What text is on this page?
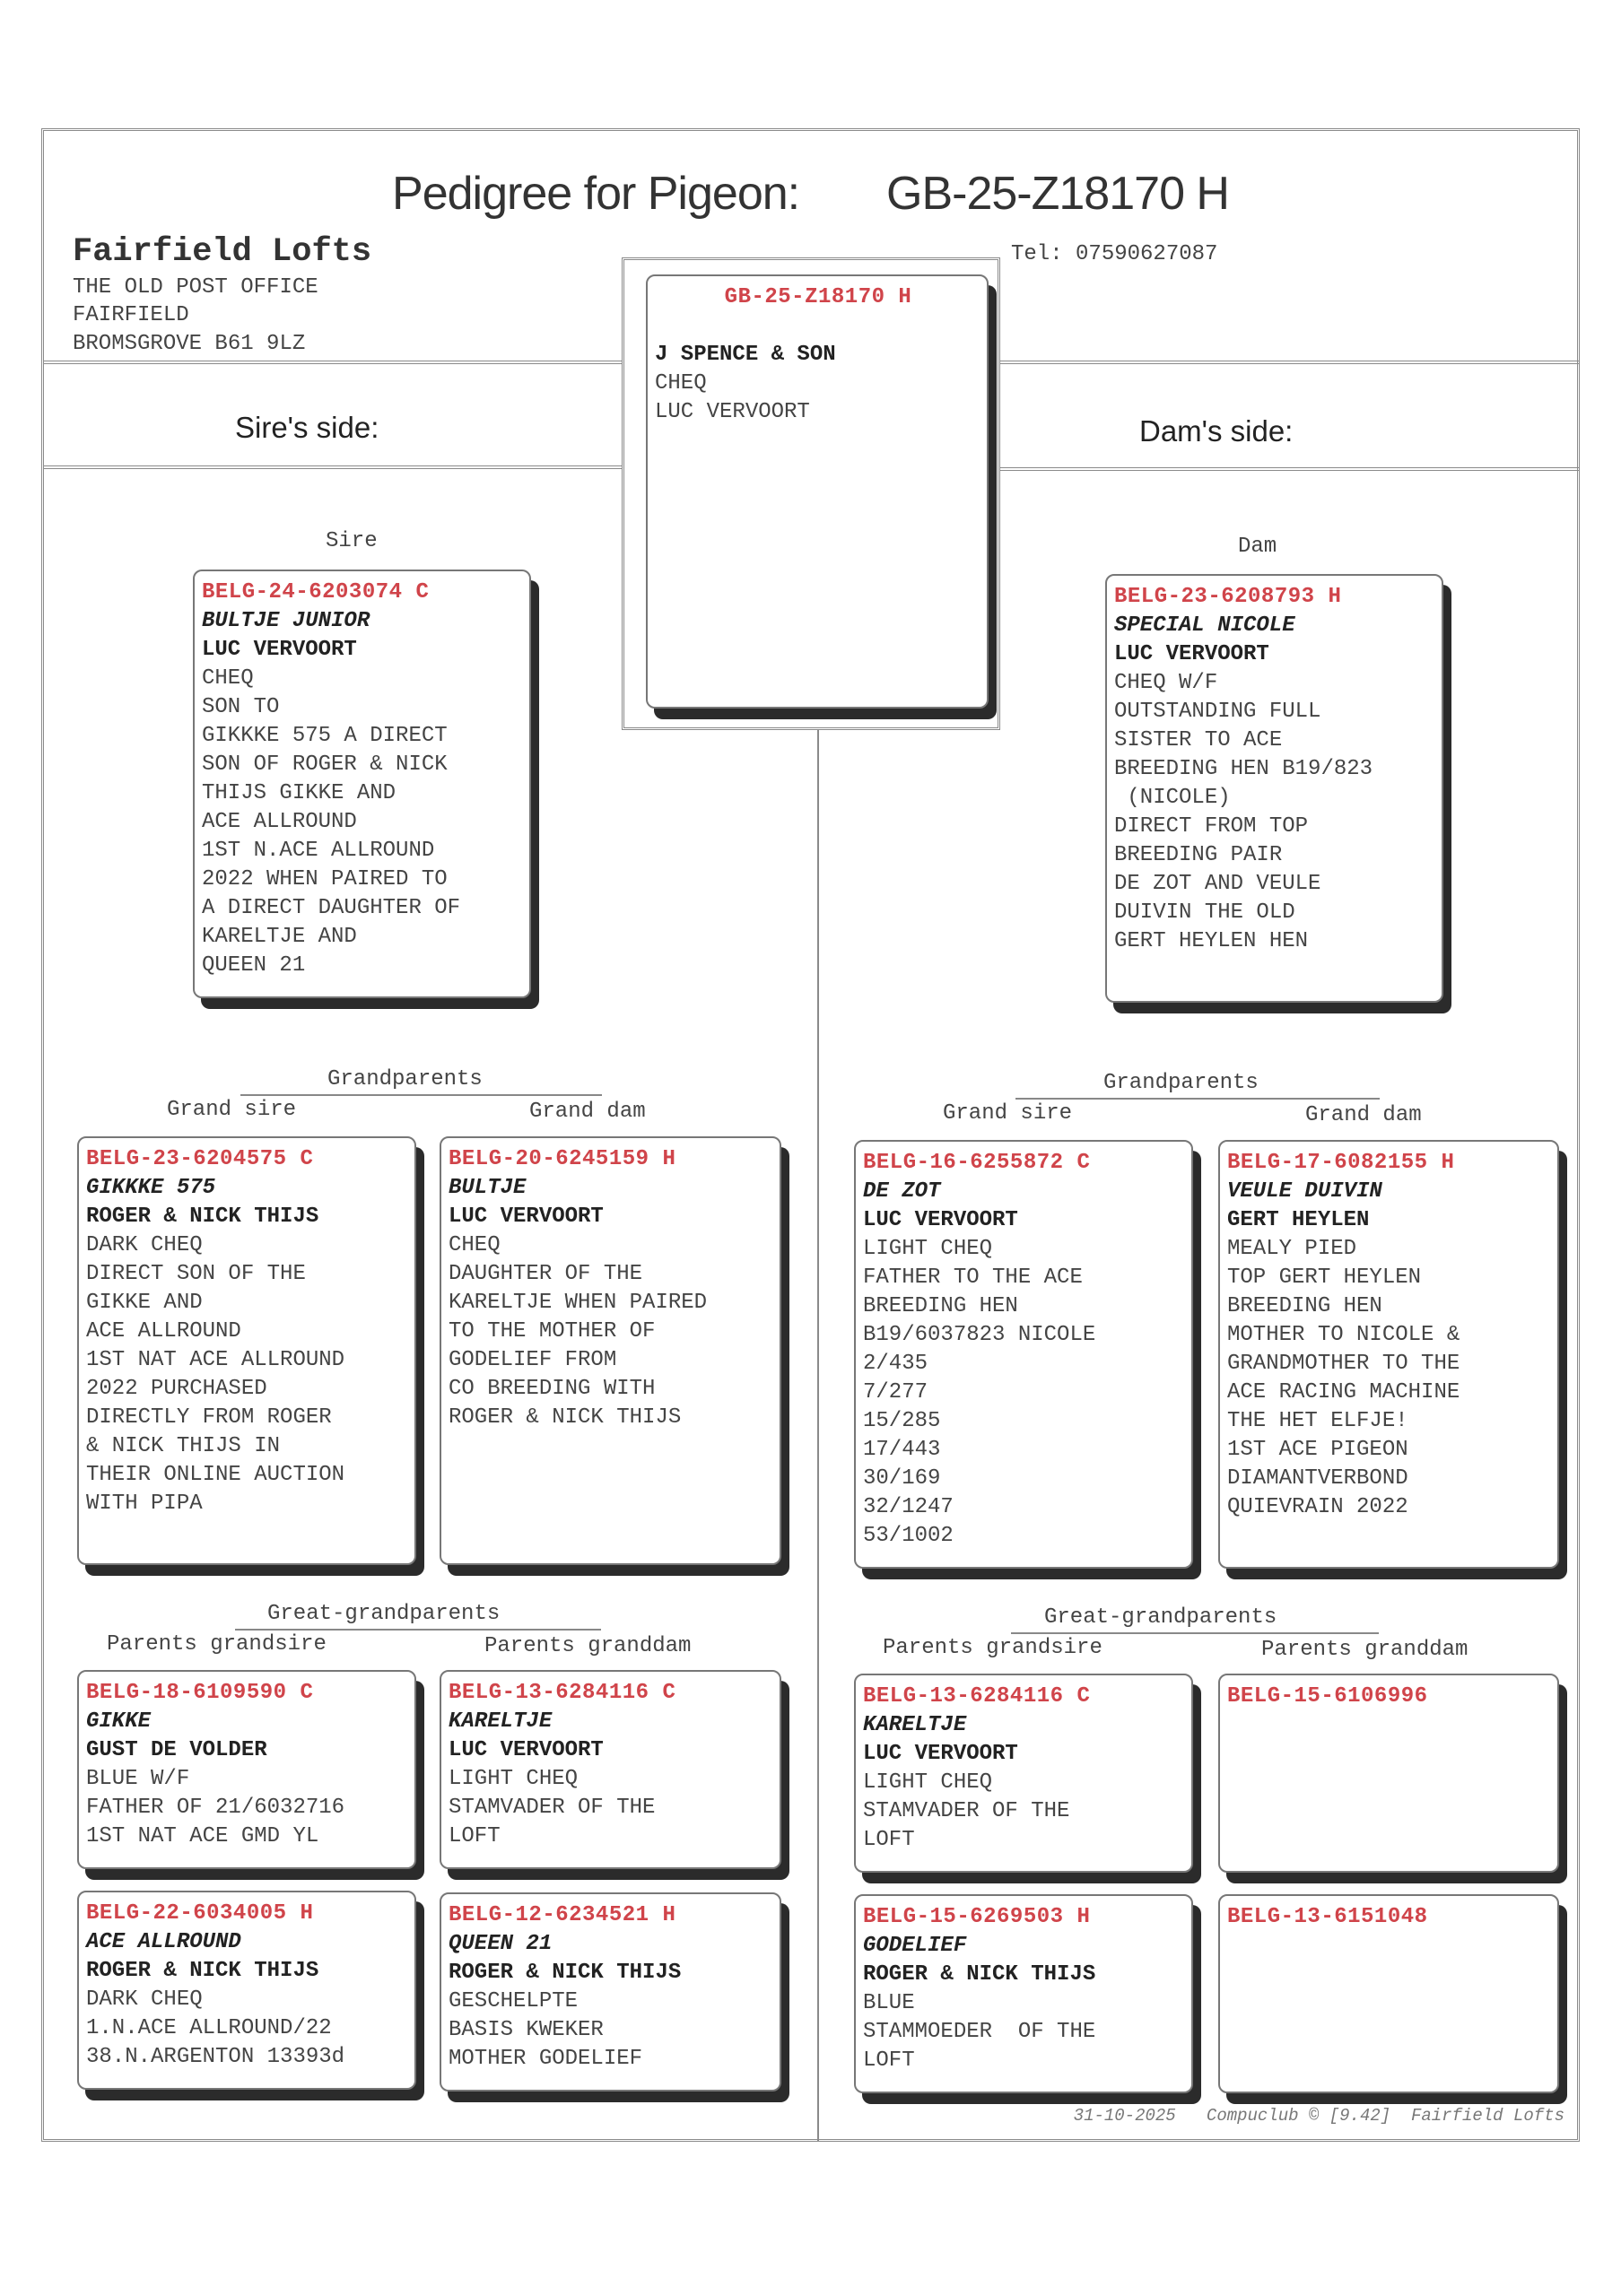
Pedigree for Pigeon: GB-25-Z18170 H
Fairfield Lofts
THE OLD POST OFFICE
FAIRFIELD
BROMSGROVE B61 9LZ
Tel: 07590627087
Sire's side:	Dam's side:
Sire	Dam
Grandparents
Grand sire	Grand dam
Grandparents
Grand sire	Grand dam
Great-grandparents
Parents grandsire	Parents granddam
Great-grandparents
Parents grandsire	Parents granddam
GB-25-Z18170 H
J SPENCE & SON
CHEQ
LUC VERVOORT
BELG-24-6203074 C
BULTJE JUNIOR
LUC VERVOORT
CHEQ
SON TO
GIKKKE 575 A DIRECT
SON OF ROGER & NICK
THIJS GIKKE AND
ACE ALLROUND
1ST N.ACE ALLROUND
2022 WHEN PAIRED TO
A DIRECT DAUGHTER OF
KARELTJE AND
QUEEN 21
BELG-23-6208793 H
SPECIAL NICOLE
LUC VERVOORT
CHEQ W/F
OUTSTANDING FULL
SISTER TO ACE
BREEDING HEN B19/823
(NICOLE)
DIRECT FROM TOP
BREEDING PAIR
DE ZOT AND VEULE
DUIVIN THE OLD
GERT HEYLEN HEN
BELG-23-6204575 C
GIKKKE 575
ROGER & NICK THIJS
DARK CHEQ
DIRECT SON OF THE
GIKKE AND
ACE ALLROUND
1ST NAT ACE ALLROUND
2022 PURCHASED
DIRECTLY FROM ROGER
& NICK THIJS IN
THEIR ONLINE AUCTION
WITH PIPA
BELG-20-6245159 H
BULTJE
LUC VERVOORT
CHEQ
DAUGHTER OF THE
KARELTJE WHEN PAIRED
TO THE MOTHER OF
GODELIEF FROM
CO BREEDING WITH
ROGER & NICK THIJS
BELG-16-6255872 C
DE ZOT
LUC VERVOORT
LIGHT CHEQ
FATHER TO THE ACE
BREEDING HEN
B19/6037823 NICOLE
2/435
7/277
15/285
17/443
30/169
32/1247
53/1002
BELG-17-6082155 H
VEULE DUIVIN
GERT HEYLEN
MEALY PIED
TOP GERT HEYLEN
BREEDING HEN
MOTHER TO NICOLE &
GRANDMOTHER TO THE
ACE RACING MACHINE
THE HET ELFJE!
1ST ACE PIGEON
DIAMANTVERBOND
QUIEVRAIN 2022
BELG-18-6109590 C
GIKKE
GUST DE VOLDER
BLUE W/F
FATHER OF 21/6032716
1ST NAT ACE GMD YL
BELG-13-6284116 C
KARELTJE
LUC VERVOORT
LIGHT CHEQ
STAMVADER OF THE
LOFT
BELG-13-6284116 C
KARELTJE
LUC VERVOORT
LIGHT CHEQ
STAMVADER OF THE
LOFT
BELG-15-6106996
BELG-22-6034005 H
ACE ALLROUND
ROGER & NICK THIJS
DARK CHEQ
1.N.ACE ALLROUND/22
38.N.ARGENTON 13393d
BELG-12-6234521 H
QUEEN 21
ROGER & NICK THIJS
GESCHELPTE
BASIS KWEKER
MOTHER GODELIEF
BELG-15-6269503 H
GODELIEF
ROGER & NICK THIJS
BLUE
STAMMOEDER  OF THE
LOFT
BELG-13-6151048
31-10-2025 Compuclub © [9.42] Fairfield Lofts
